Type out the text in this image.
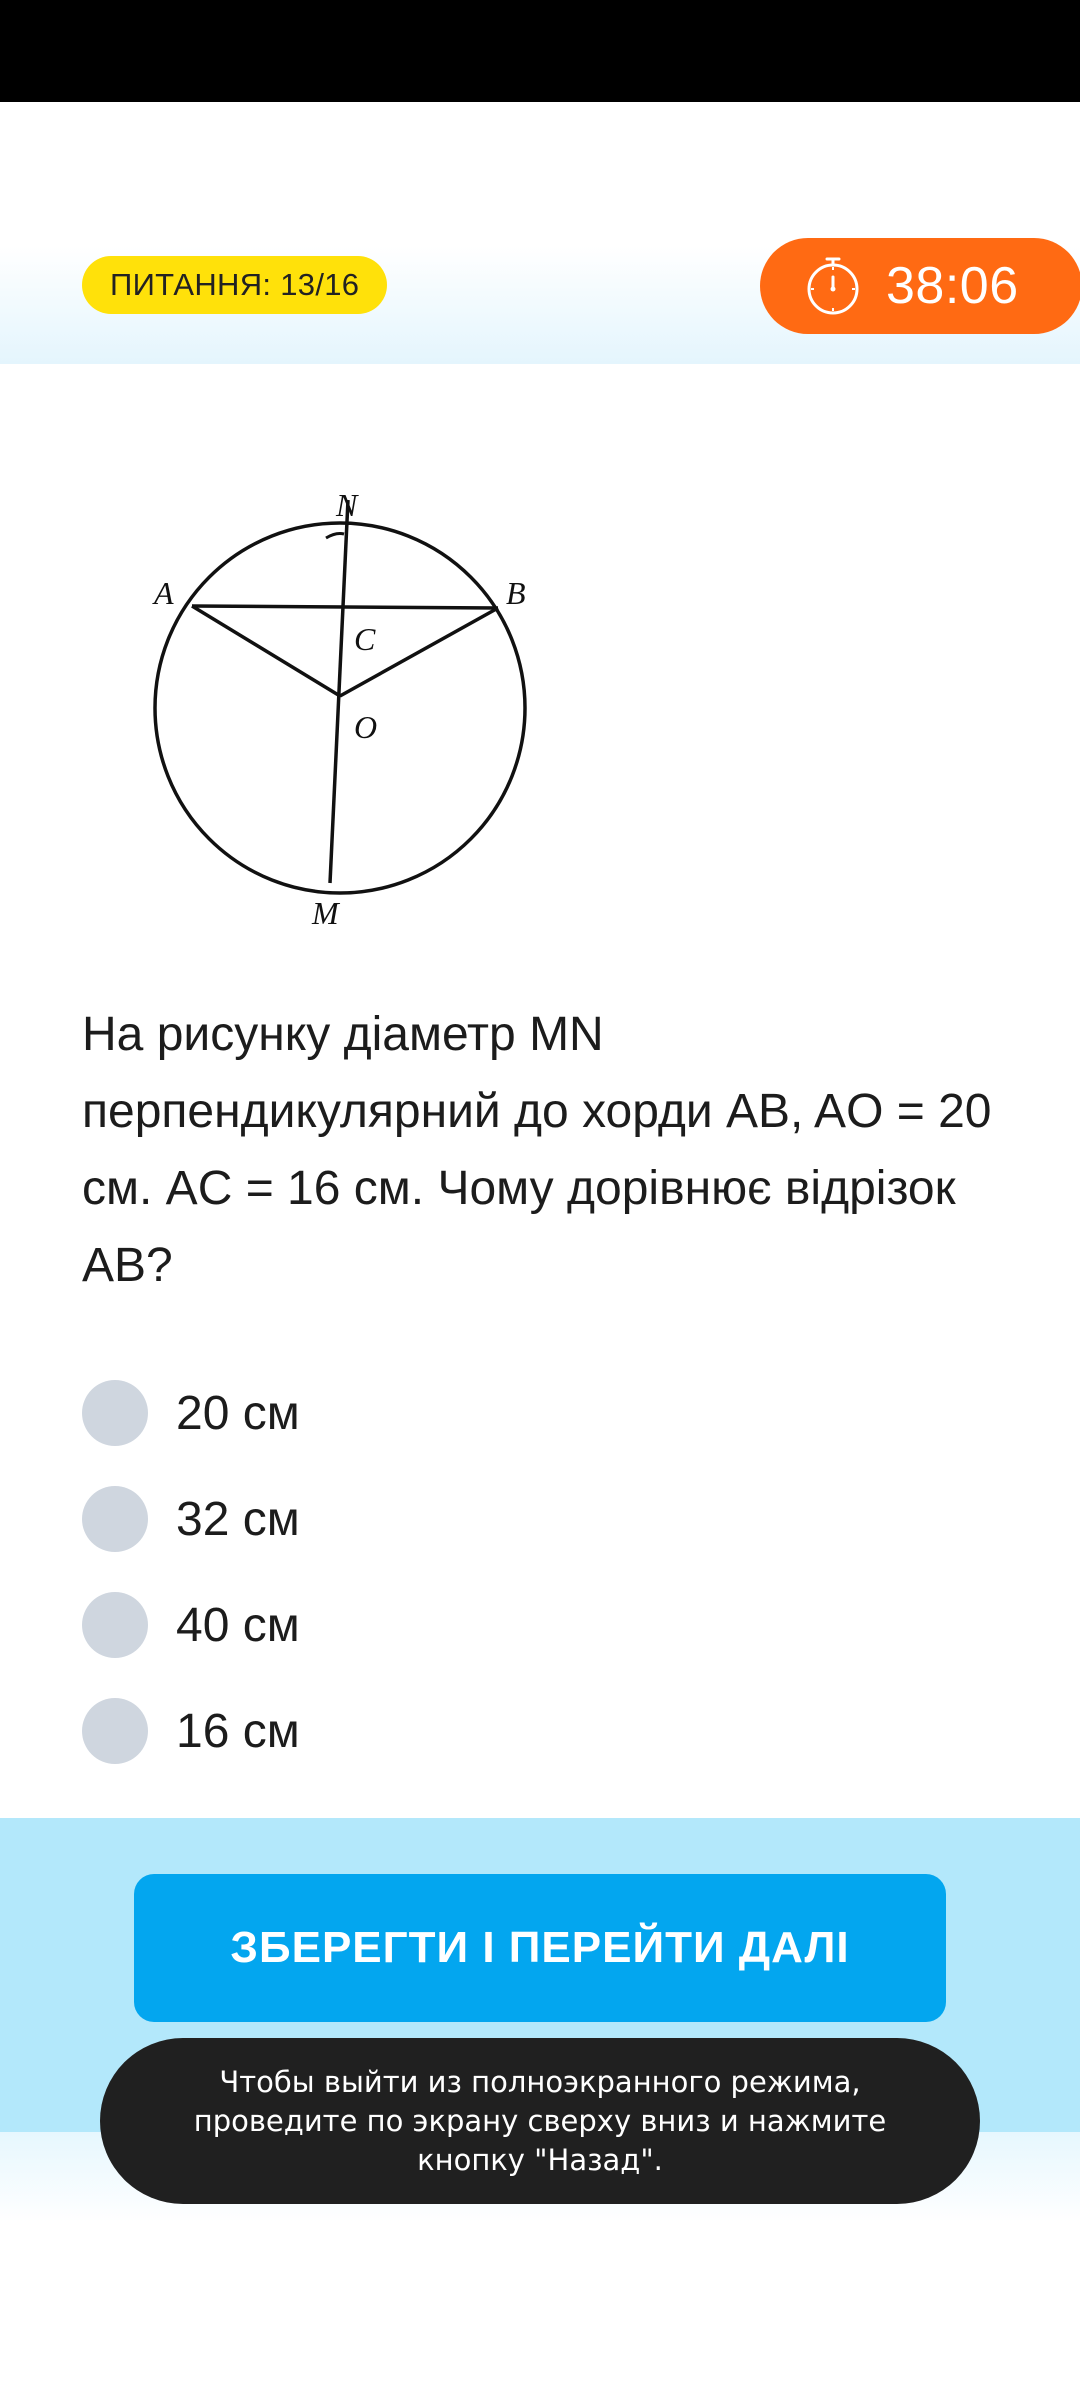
ПИТАННЯ: 13/16	38:06
N
A	B
C
O
M

На рисунку діаметр MN перпендикулярний до хорди AB, AO = 20 см. AC = 16 см. Чому дорівнює відрізок AB?

20 см
32 см
40 см
16 см
ЗБЕРЕГТИ І ПЕРЕЙТИ ДАЛІ
Чтобы выйти из полноэкранного режима, проведите по экрану сверху вниз и нажмите кнопку "Назад".
